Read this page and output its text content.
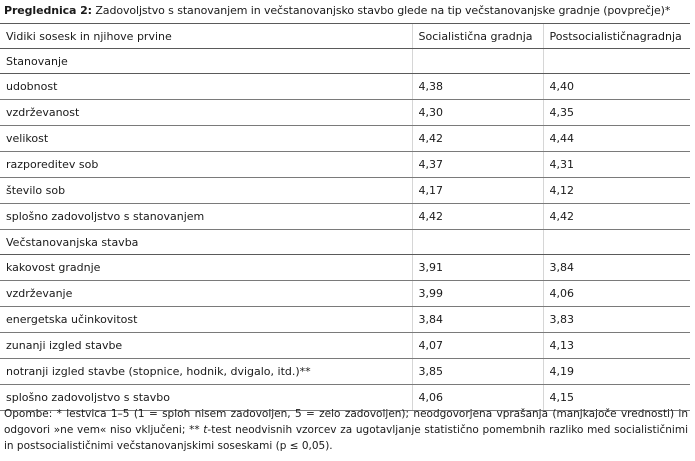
Preglednica 2: Zadovoljstvo s stanovanjem in večstanovanjsko stavbo glede na tip večstanovanjske gradnje (povprečje)*
Vidiki sosesk in njihove prvine	Socialistična gradnja	Postsocialističnagradnja
Stanovanje		
udobnost	4,38	4,40
vzdrževanost	4,30	4,35
velikost	4,42	4,44
razporeditev sob	4,37	4,31
število sob	4,17	4,12
splošno zadovoljstvo s stanovanjem	4,42	4,42
Večstanovanjska stavba		
kakovost gradnje	3,91	3,84
vzdrževanje	3,99	4,06
energetska učinkovitost	3,84	3,83
zunanji izgled stavbe	4,07	4,13
notranji izgled stavbe (stopnice, hodnik, dvigalo, itd.)**	3,85	4,19
splošno zadovoljstvo s stavbo	4,06	4,15
Opombe: * lestvica 1–5 (1 = sploh nisem zadovoljen, 5 = zelo zadovoljen); neodgovorjena vprašanja (manjkajoče vrednosti) in odgovori »ne vem« niso vključeni; ** t-test neodvisnih vzorcev za ugotavljanje statistično pomembnih razliko med socialističnimi in postsocialističnimi večstanovanjskimi soseskami (p ≤ 0,05).
